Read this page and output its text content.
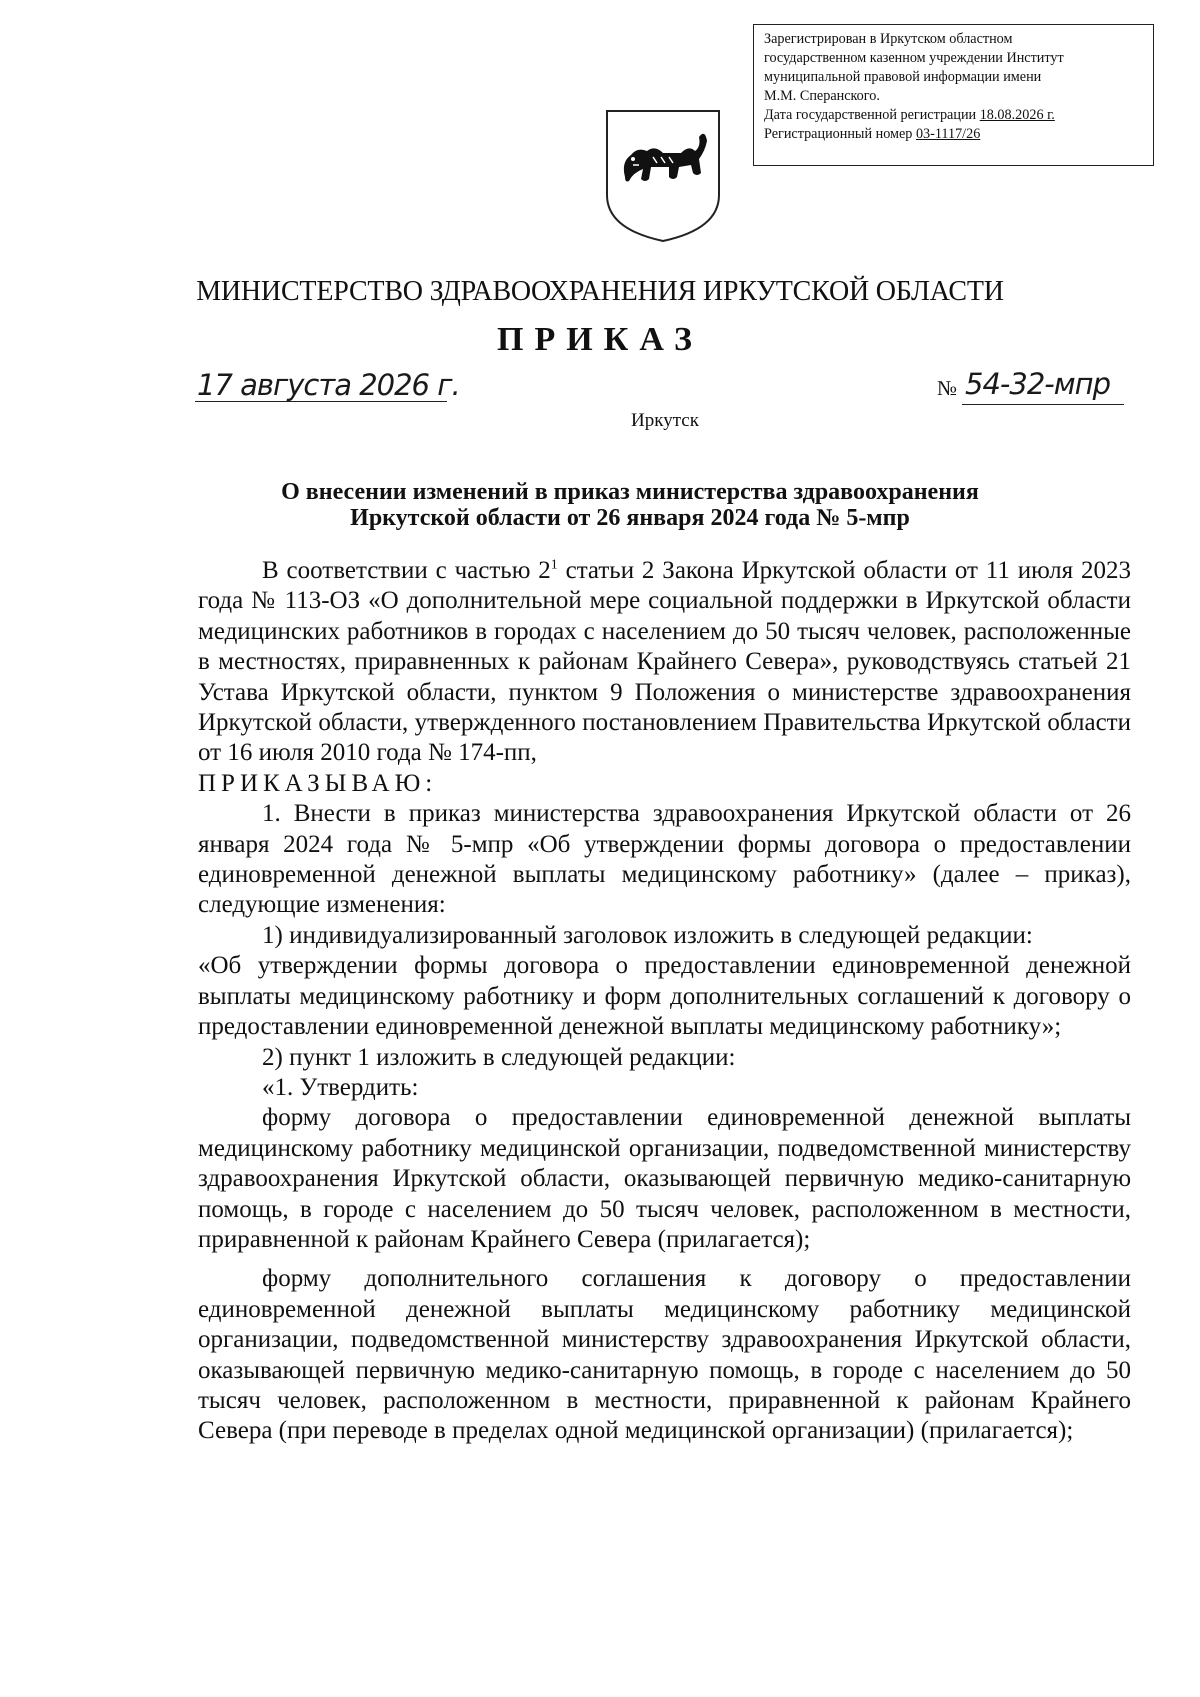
Зарегистрирован в Иркутском областном
государственном казенном учреждении Институт
муниципальной правовой информации имени
М.М. Сперанского.
Дата государственной регистрации 18.08.2026 г.
Регистрационный номер 03-1117/26
МИНИСТЕРСТВО ЗДРАВООХРАНЕНИЯ ИРКУТСКОЙ ОБЛАСТИ
ПРИКАЗ
17 августа 2026 г.	№ 54-32-мпр
Иркутск
О внесении изменений в приказ министерства здравоохранения
Иркутской области от 26 января 2024 года № 5-мпр

В соответствии с частью $2^1$ статьи 2 Закона Иркутской области от 11 июля 2023 года № 113-ОЗ «О дополнительной мере социальной поддержки в Иркутской области медицинских работников в городах с населением до 50 тысяч человек, расположенные в местностях, приравненных к районам Крайнего Севера», руководствуясь статьей 21 Устава Иркутской области, пунктом 9 Положения о министерстве здравоохранения Иркутской области, утвержденного постановлением Правительства Иркутской области от 16 июля 2010 года № 174-пп,

ПРИКАЗЫВАЮ:

1. Внести в приказ министерства здравоохранения Иркутской области от 26 января 2024 года № 5-мпр «Об утверждении формы договора о предоставлении единовременной денежной выплаты медицинскому работнику» (далее – приказ), следующие изменения:

1) индивидуализированный заголовок изложить в следующей редакции:

«Об утверждении формы договора о предоставлении единовременной денежной выплаты медицинскому работнику и форм дополнительных соглашений к договору о предоставлении единовременной денежной выплаты медицинскому работнику»;

2) пункт 1 изложить в следующей редакции:

«1. Утвердить:

форму договора о предоставлении единовременной денежной выплаты медицинскому работнику медицинской организации, подведомственной министерству здравоохранения Иркутской области, оказывающей первичную медико-санитарную помощь, в городе с населением до 50 тысяч человек, расположенном в местности, приравненной к районам Крайнего Севера (прилагается);

форму дополнительного соглашения к договору о предоставлении единовременной денежной выплаты медицинскому работнику медицинской организации, подведомственной министерству здравоохранения Иркутской области, оказывающей первичную медико-санитарную помощь, в городе с населением до 50 тысяч человек, расположенном в местности, приравненной к районам Крайнего Севера (при переводе в пределах одной медицинской организации) (прилагается);
